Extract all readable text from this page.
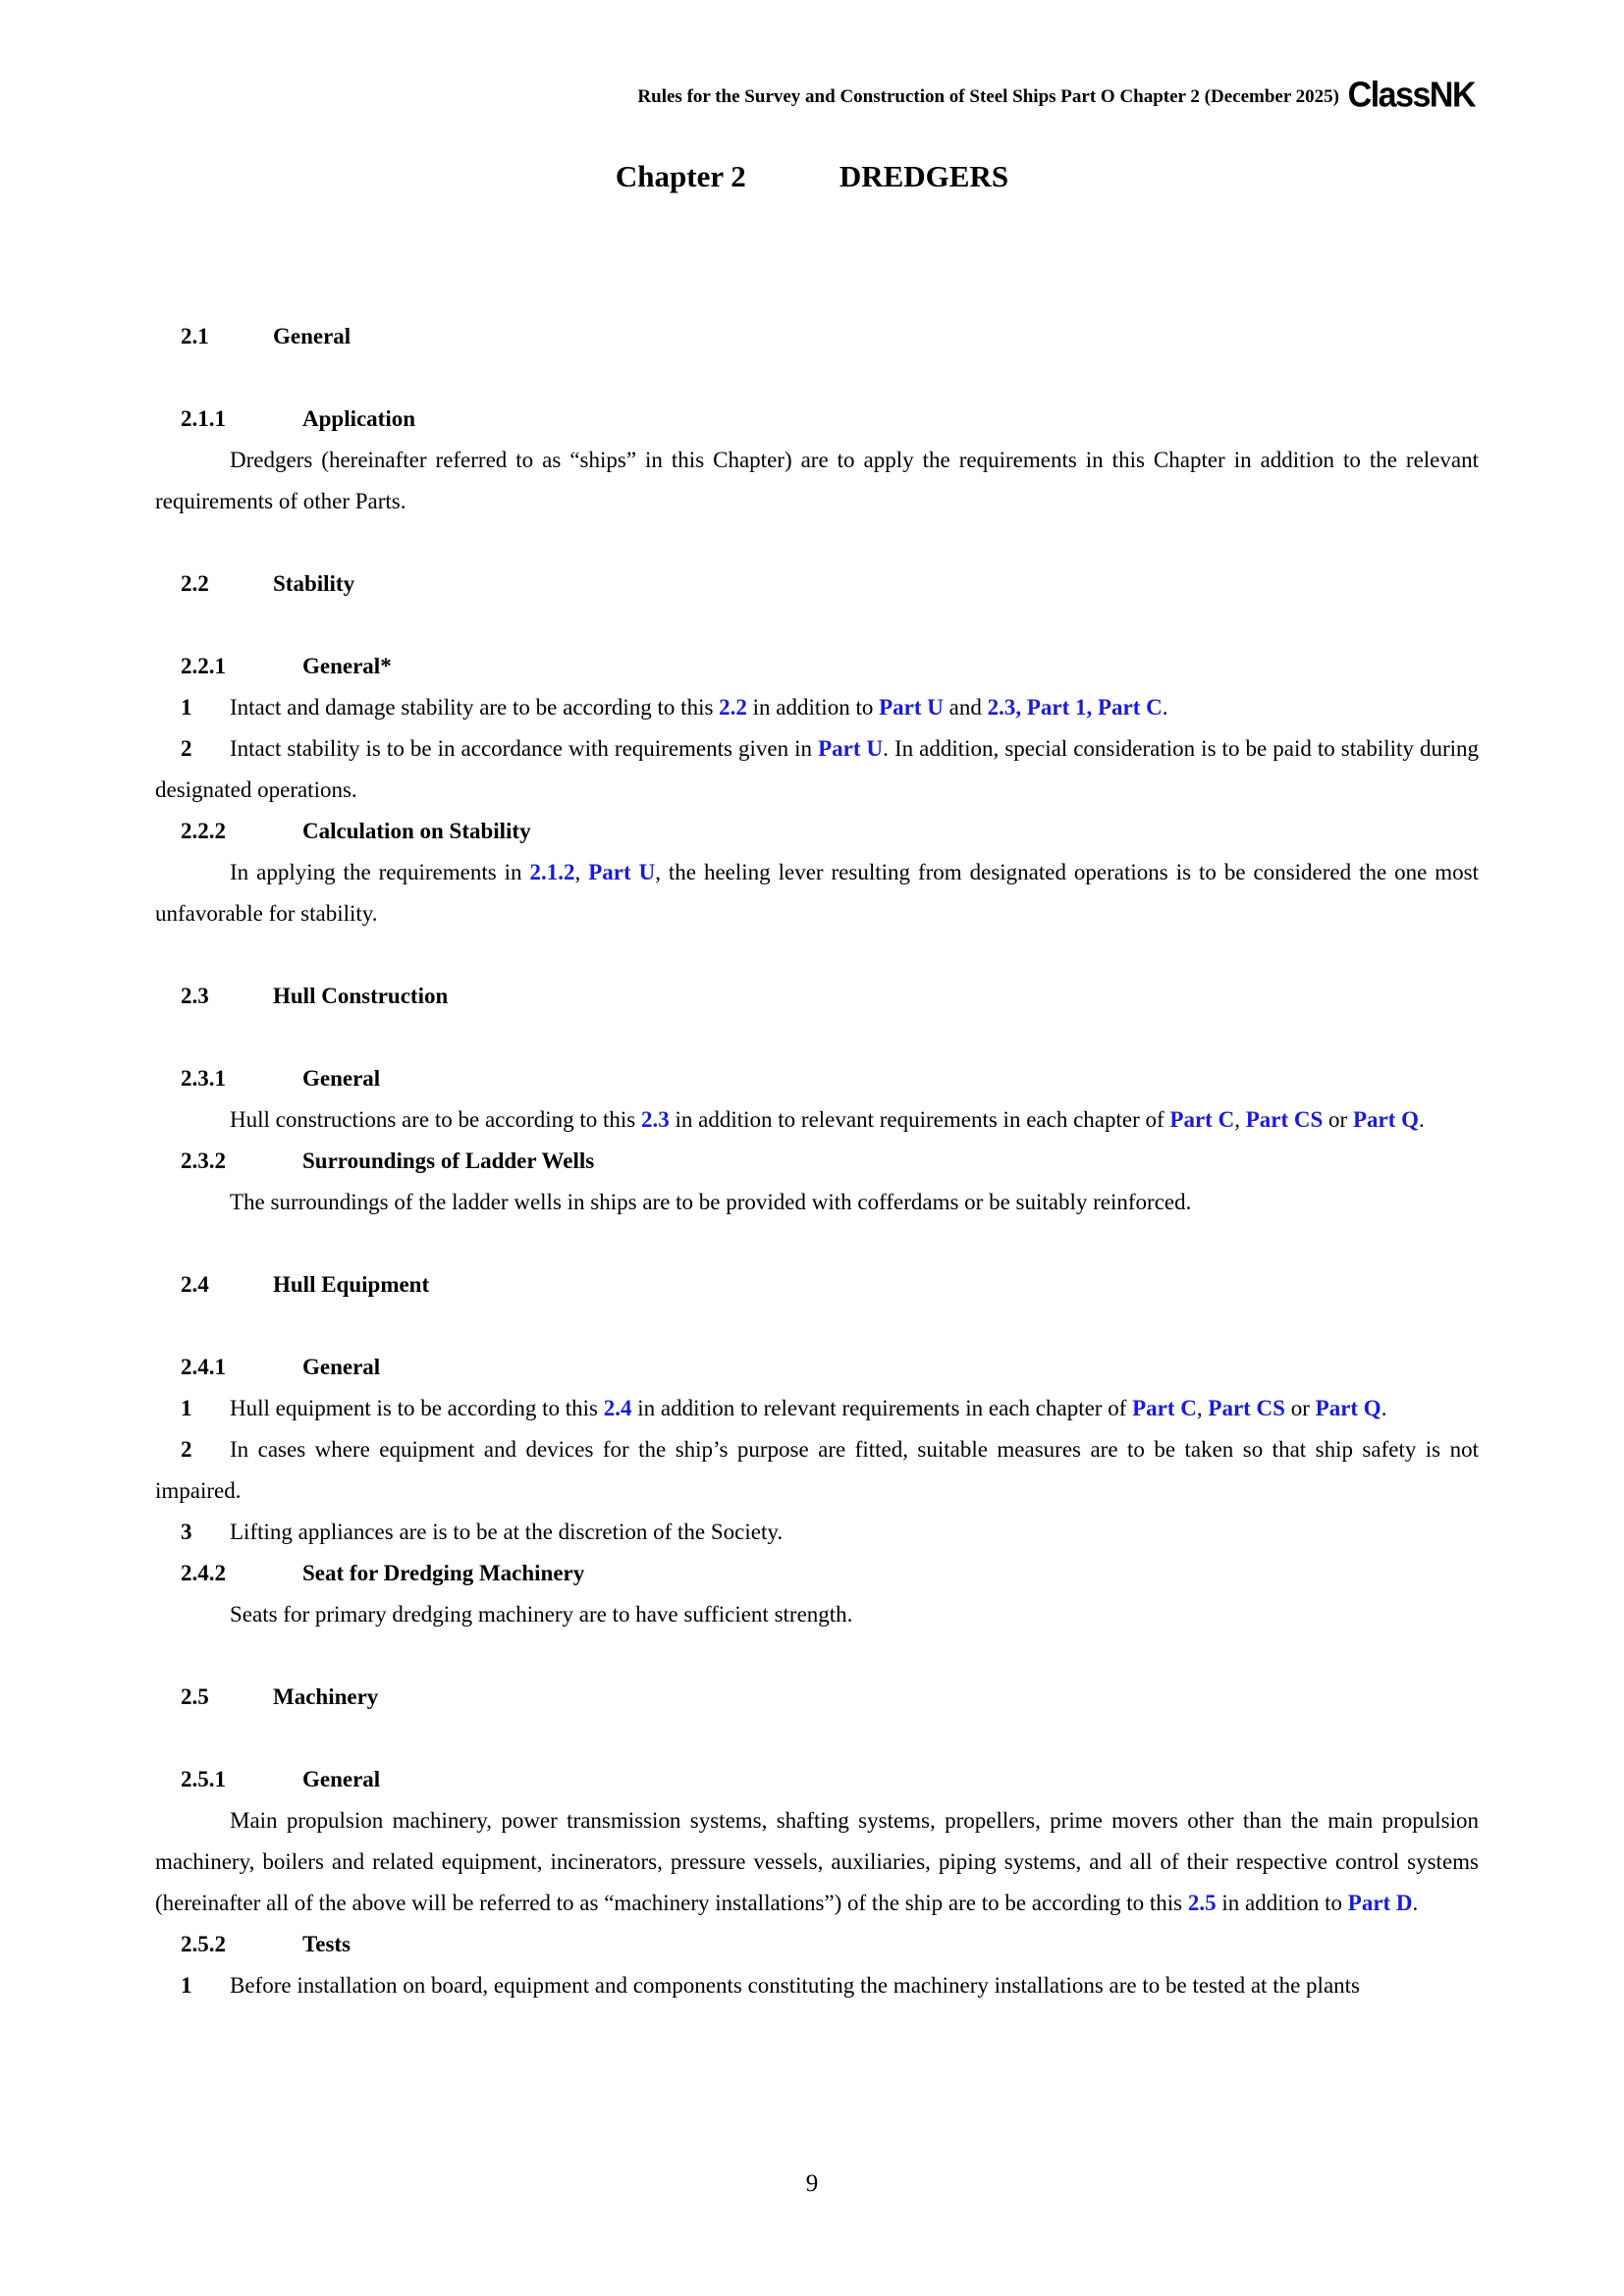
Rules for the Survey and Construction of Steel Ships Part O Chapter 2 (December 2025) ClassNK
Chapter 2	DREDGERS

2.1	General

2.1.1	Application

Dredgers (hereinafter referred to as “ships” in this Chapter) are to apply the requirements in this Chapter in addition to the relevant requirements of other Parts.

2.2	Stability

2.2.1	General*

1 Intact and damage stability are to be according to this 2.2 in addition to Part U and 2.3, Part 1, Part C.

2 Intact stability is to be in accordance with requirements given in Part U. In addition, special consideration is to be paid to stability during designated operations.

2.2.2	Calculation on Stability

In applying the requirements in 2.1.2, Part U, the heeling lever resulting from designated operations is to be considered the one most unfavorable for stability.

2.3	Hull Construction

2.3.1	General

Hull constructions are to be according to this 2.3 in addition to relevant requirements in each chapter of Part C, Part CS or Part Q.

2.3.2	Surroundings of Ladder Wells

The surroundings of the ladder wells in ships are to be provided with cofferdams or be suitably reinforced.

2.4	Hull Equipment

2.4.1	General

1 Hull equipment is to be according to this 2.4 in addition to relevant requirements in each chapter of Part C, Part CS or Part Q.

2 In cases where equipment and devices for the ship’s purpose are fitted, suitable measures are to be taken so that ship safety is not impaired.

3 Lifting appliances are is to be at the discretion of the Society.

2.4.2	Seat for Dredging Machinery

Seats for primary dredging machinery are to have sufficient strength.

2.5	Machinery

2.5.1	General

Main propulsion machinery, power transmission systems, shafting systems, propellers, prime movers other than the main propulsion machinery, boilers and related equipment, incinerators, pressure vessels, auxiliaries, piping systems, and all of their respective control systems (hereinafter all of the above will be referred to as “machinery installations”) of the ship are to be according to this 2.5 in addition to Part D.

2.5.2	Tests

1 Before installation on board, equipment and components constituting the machinery installations are to be tested at the plants

9
